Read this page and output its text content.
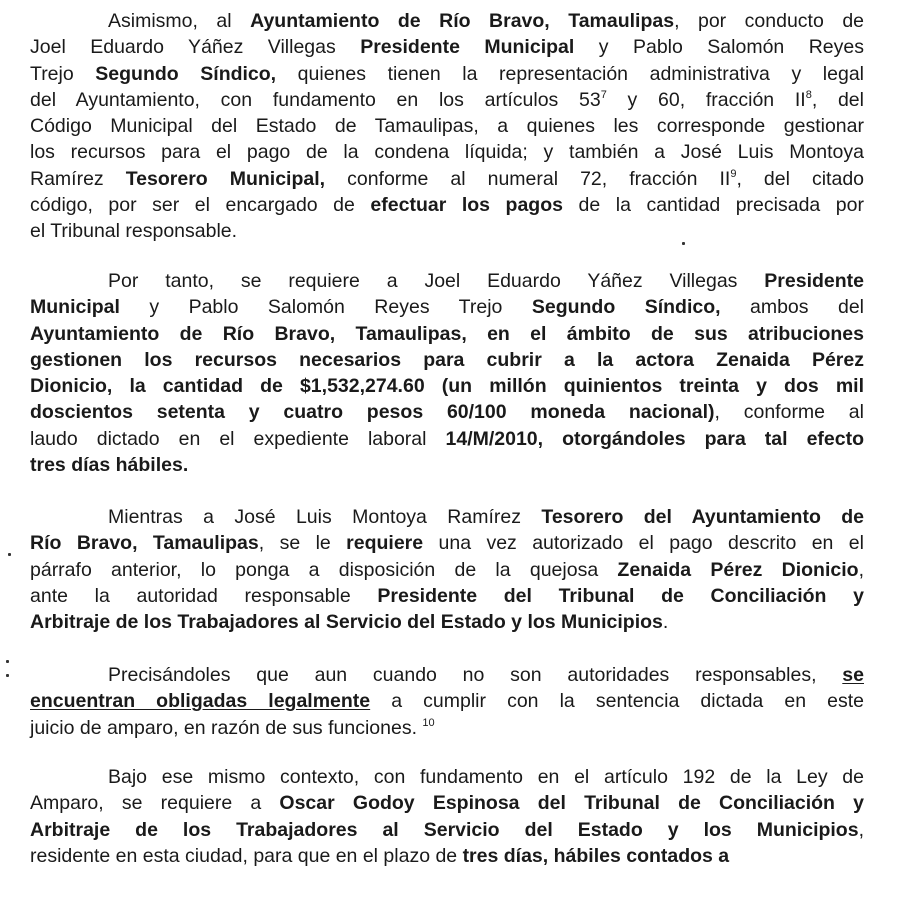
Asimismo, al Ayuntamiento de Río Bravo, Tamaulipas, por conducto de
Joel Eduardo Yáñez Villegas Presidente Municipal y Pablo Salomón Reyes
Trejo Segundo Síndico, quienes tienen la representación administrativa y legal
del Ayuntamiento, con fundamento en los artículos $53^7$ y 60, fracción $II^8$, del
Código Municipal del Estado de Tamaulipas, a quienes les corresponde gestionar
los recursos para el pago de la condena líquida; y también a José Luis Montoya
Ramírez Tesorero Municipal, conforme al numeral 72, fracción $II^9$, del citado
código, por ser el encargado de efectuar los pagos de la cantidad precisada por
el Tribunal responsable.
Por tanto, se requiere a Joel Eduardo Yáñez Villegas Presidente
Municipal y Pablo Salomón Reyes Trejo Segundo Síndico, ambos del
Ayuntamiento de Río Bravo, Tamaulipas, en el ámbito de sus atribuciones
gestionen los recursos necesarios para cubrir a la actora Zenaida Pérez
Dionicio, la cantidad de $1,532,274.60 (un millón quinientos treinta y dos mil
doscientos setenta y cuatro pesos 60/100 moneda nacional), conforme al
laudo dictado en el expediente laboral 14/M/2010, otorgándoles para tal efecto
tres días hábiles.
Mientras a José Luis Montoya Ramírez Tesorero del Ayuntamiento de
Río Bravo, Tamaulipas, se le requiere una vez autorizado el pago descrito en el
párrafo anterior, lo ponga a disposición de la quejosa Zenaida Pérez Dionicio,
ante la autoridad responsable Presidente del Tribunal de Conciliación y
Arbitraje de los Trabajadores al Servicio del Estado y los Municipios.
Precisándoles que aun cuando no son autoridades responsables, se
encuentran obligadas legalmente a cumplir con la sentencia dictada en este
juicio de amparo, en razón de sus funciones. $^{10}$
Bajo ese mismo contexto, con fundamento en el artículo 192 de la Ley de
Amparo, se requiere a Oscar Godoy Espinosa del Tribunal de Conciliación y
Arbitraje de los Trabajadores al Servicio del Estado y los Municipios,
residente en esta ciudad, para que en el plazo de tres días, hábiles contados a
